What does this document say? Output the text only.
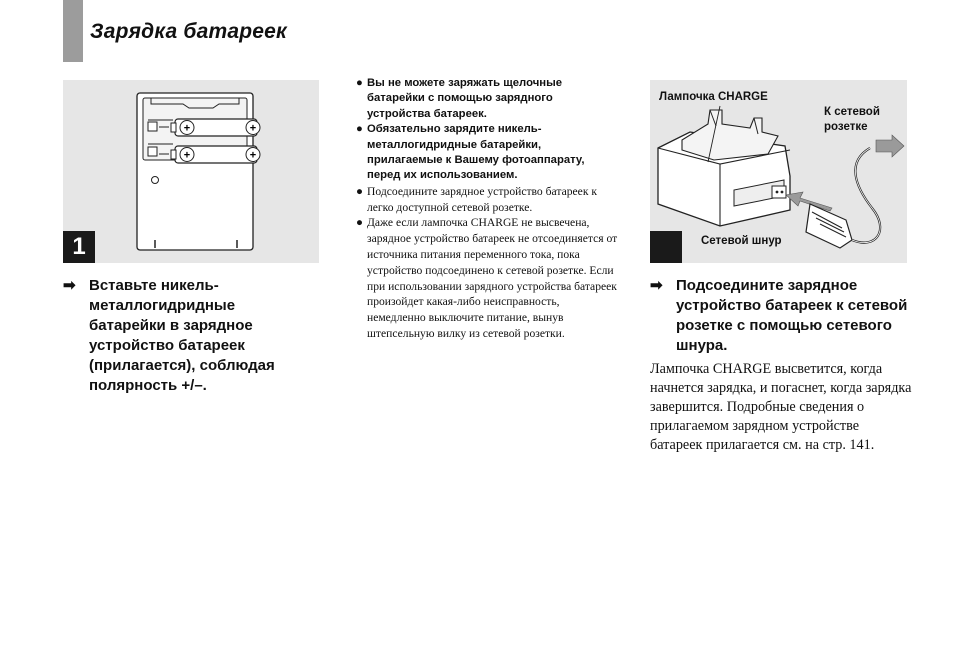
Зарядка батареек
+	+
+	+
1
➡ Вставьте никель-металлогидридные батарейки в зарядное устройство батареек (прилагается), соблюдая полярность +/–.
● Вы не можете заряжать щелочные батарейки с помощью зарядного устройства батареек.
● Обязательно зарядите никель-металлогидридные батарейки, прилагаемые к Вашему фотоаппарату, перед их использованием.
● Подсоедините зарядное устройство батареек к легко доступной сетевой розетке.
● Даже если лампочка CHARGE не высвечена, зарядное устройство батареек не отсоединяется от источника питания переменного тока, пока устройство подсоединено к сетевой розетке. Если при использовании зарядного устройства батареек произойдет какая-либо неисправность, немедленно выключите питание, вынув штепсельную вилку из сетевой розетки.
Лампочка CHARGE
К сетевой розетке
Сетевой шнур
➡ Подсоедините зарядное устройство батареек к сетевой розетке с помощью сетевого шнура.

Лампочка CHARGE высветится, когда начнется зарядка, и погаснет, когда зарядка завершится. Подробные сведения о прилагаемом зарядном устройстве батареек прилагается см. на стр. 141.
